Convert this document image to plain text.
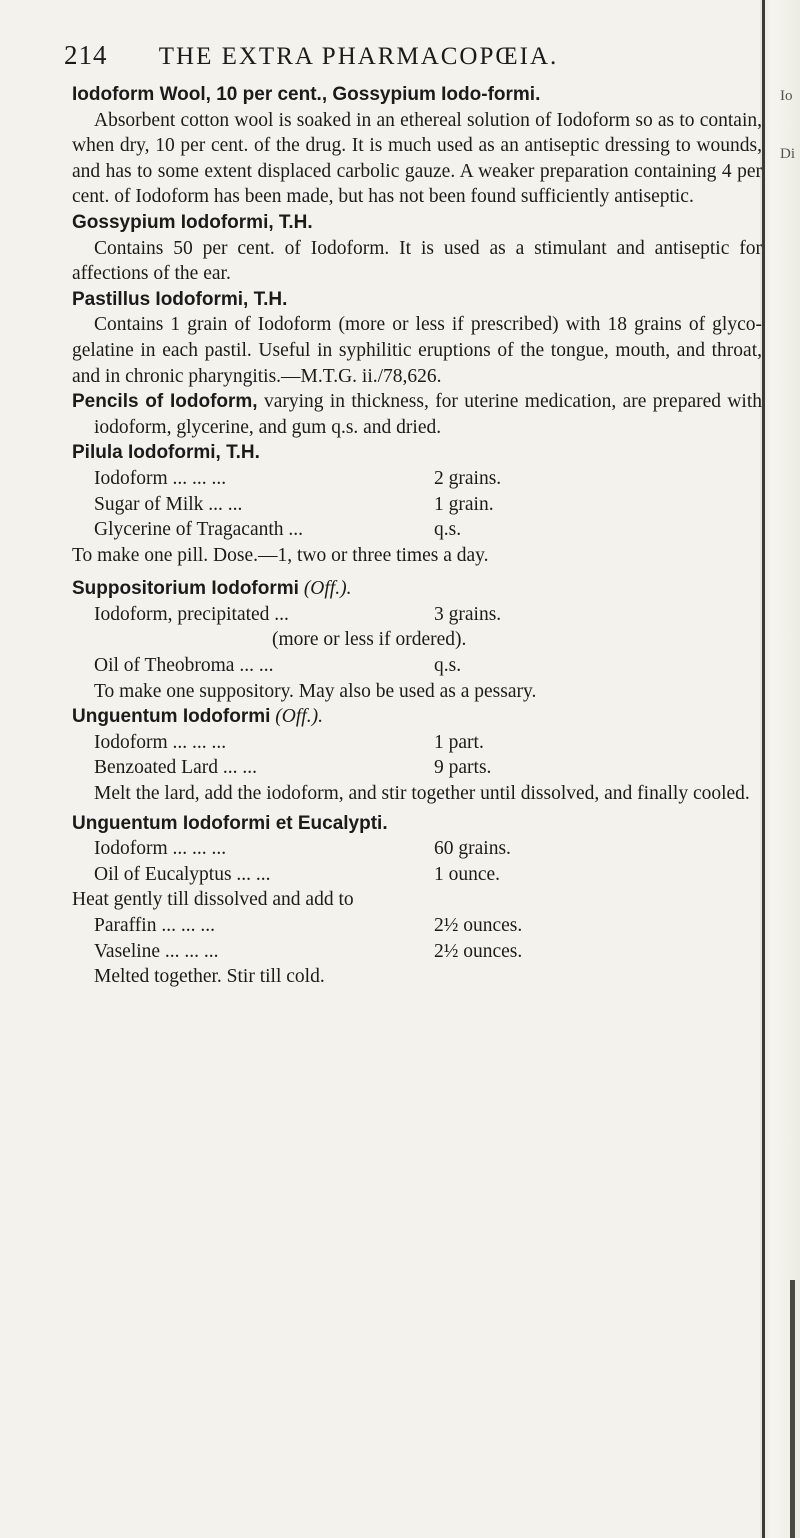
Io
Di
214 THE EXTRA PHARMACOPŒIA.

Iodoform Wool, 10 per cent., Gossypium Iodo-formi.

Absorbent cotton wool is soaked in an ethereal solution of Iodoform so as to contain, when dry, 10 per cent. of the drug. It is much used as an antiseptic dressing to wounds, and has to some extent displaced carbolic gauze. A weaker preparation containing 4 per cent. of Iodoform has been made, but has not been found sufficiently antiseptic.

Gossypium Iodoformi, T.H.

Contains 50 per cent. of Iodoform. It is used as a stimulant and antiseptic for affections of the ear.

Pastillus Iodoformi, T.H.

Contains 1 grain of Iodoform (more or less if prescribed) with 18 grains of glyco-gelatine in each pastil. Useful in syphilitic eruptions of the tongue, mouth, and throat, and in chronic pharyngitis.—M.T.G. ii./78,626.

Pencils of Iodoform, varying in thickness, for uterine medication, are prepared with iodoform, glycerine, and gum q.s. and dried.

Pilula Iodoformi, T.H.

Iodoform ... ... ...	2 grains.
Sugar of Milk ... ...	1 grain.
Glycerine of Tragacanth ...	q.s.

To make one pill. Dose.—1, two or three times a day.

Suppositorium Iodoformi (Off.).

Iodoform, precipitated ...	3 grains.
(more or less if ordered).
Oil of Theobroma ... ...	q.s.

To make one suppository. May also be used as a pessary.

Unguentum Iodoformi (Off.).

Iodoform ... ... ...	1 part.
Benzoated Lard ... ...	9 parts.

Melt the lard, add the iodoform, and stir together until dissolved, and finally cooled.

Unguentum Iodoformi et Eucalypti.

Iodoform ... ... ...	60 grains.
Oil of Eucalyptus ... ...	1 ounce.

Heat gently till dissolved and add to

Paraffin ... ... ...	2½ ounces.
Vaseline ... ... ...	2½ ounces.

Melted together. Stir till cold.
